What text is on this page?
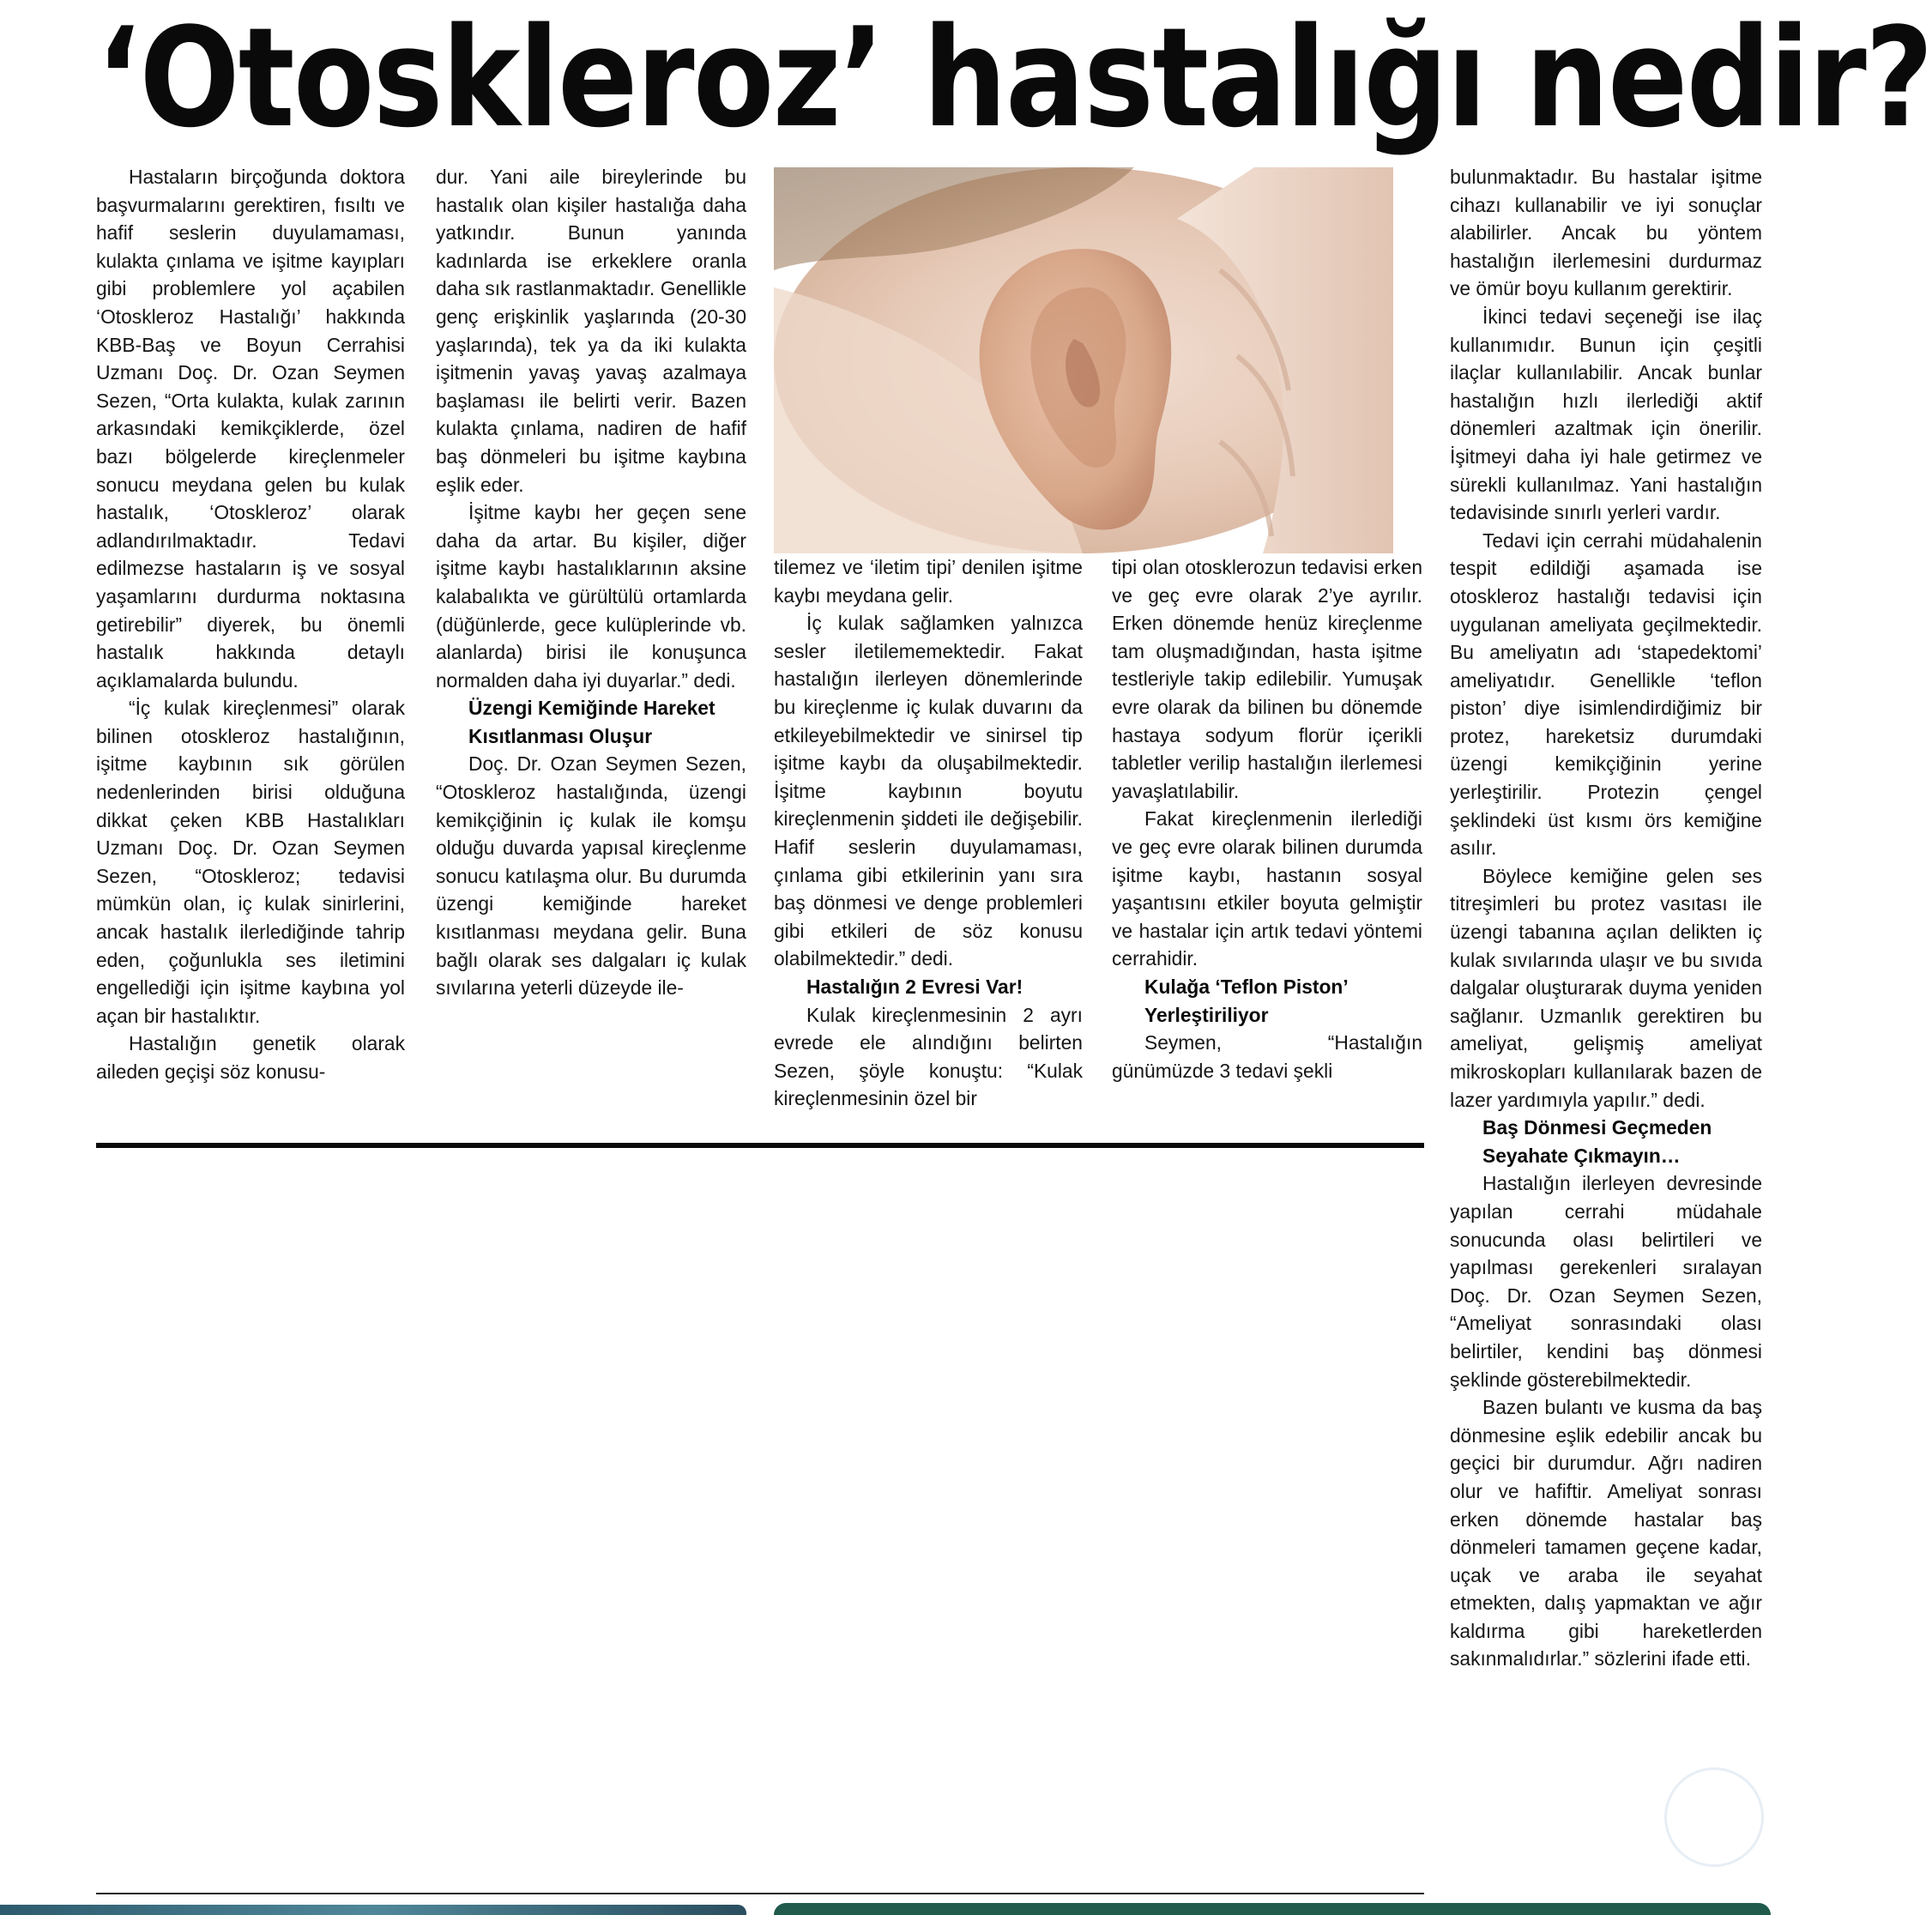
‘Otoskleroz’ hastalığı nedir?

Hastaların birçoğunda doktora başvurmalarını gerektiren, fısıltı ve hafif seslerin duyulamaması, kulakta çınlama ve işitme kayıpları gibi problemlere yol açabilen ‘Otoskleroz Hastalığı’ hakkında KBB-Baş ve Boyun Cerrahisi Uzmanı Doç. Dr. Ozan Seymen Sezen, “Orta kulakta, kulak zarının arkasındaki kemikçiklerde, özel bazı bölgelerde kireçlenmeler sonucu meydana gelen bu kulak hastalık, ‘Otoskleroz’ olarak adlandırılmaktadır. Tedavi edilmezse hastaların iş ve sosyal yaşamlarını durdurma noktasına getirebilir” diyerek, bu önemli hastalık hakkında detaylı açıklamalarda bulundu.

“İç kulak kireçlenmesi” olarak bilinen otoskleroz hastalığının, işitme kaybının sık görülen nedenlerinden birisi olduğuna dikkat çeken KBB Hastalıkları Uzmanı Doç. Dr. Ozan Seymen Sezen, “Otoskleroz; tedavisi mümkün olan, iç kulak sinirlerini, ancak hastalık ilerlediğinde tahrip eden, çoğunlukla ses iletimini engellediği için işitme kaybına yol açan bir hastalıktır.

Hastalığın genetik olarak aileden geçişi söz konusu-

dur. Yani aile bireylerinde bu hastalık olan kişiler hastalığa daha yatkındır. Bunun yanında kadınlarda ise erkeklere oranla daha sık rastlanmaktadır. Genellikle genç erişkinlik yaşlarında (20-30 yaşlarında), tek ya da iki kulakta işitmenin yavaş yavaş azalmaya başlaması ile belirti verir. Bazen kulakta çınlama, nadiren de hafif baş dönmeleri bu işitme kaybına eşlik eder.

İşitme kaybı her geçen sene daha da artar. Bu kişiler, diğer işitme kaybı hastalıklarının aksine kalabalıkta ve gürültülü ortamlarda (düğünlerde, gece kulüplerinde vb. alanlarda) birisi ile konuşunca normalden daha iyi duyarlar.” dedi.

Üzengi Kemiğinde Hareket Kısıtlanması Oluşur

Doç. Dr. Ozan Seymen Sezen, “Otoskleroz hastalığında, üzengi kemikçiğinin iç kulak ile komşu olduğu duvarda yapısal kireçlenme sonucu katılaşma olur. Bu durumda üzengi kemiğinde hareket kısıtlanması meydana gelir. Buna bağlı olarak ses dalgaları iç kulak sıvılarına yeterli düzeyde ile-

tilemez ve ‘iletim tipi’ denilen işitme kaybı meydana gelir.

İç kulak sağlamken yalnızca sesler iletilememektedir. Fakat hastalığın ilerleyen dönemlerinde bu kireçlenme iç kulak duvarını da etkileyebilmektedir ve sinirsel tip işitme kaybı da oluşabilmektedir. İşitme kaybının boyutu kireçlenmenin şiddeti ile değişebilir. Hafif seslerin duyulamaması, çınlama gibi etkilerinin yanı sıra baş dönmesi ve denge problemleri gibi etkileri de söz konusu olabilmektedir.” dedi.

Hastalığın 2 Evresi Var!

Kulak kireçlenmesinin 2 ayrı evrede ele alındığını belirten Sezen, şöyle konuştu: “Kulak kireçlenmesinin özel bir

tipi olan otosklerozun tedavisi erken ve geç evre olarak 2’ye ayrılır. Erken dönemde henüz kireçlenme tam oluşmadığından, hasta işitme testleriyle takip edilebilir. Yumuşak evre olarak da bilinen bu dönemde hastaya sodyum florür içerikli tabletler verilip hastalığın ilerlemesi yavaşlatılabilir.

Fakat kireçlenmenin ilerlediği ve geç evre olarak bilinen durumda işitme kaybı, hastanın sosyal yaşantısını etkiler boyuta gelmiştir ve hastalar için artık tedavi yöntemi cerrahidir.

Kulağa ‘Teflon Piston’ Yerleştiriliyor

Seymen, “Hastalığın günümüzde 3 tedavi şekli

bulunmaktadır. Bu hastalar işitme cihazı kullanabilir ve iyi sonuçlar alabilirler. Ancak bu yöntem hastalığın ilerlemesini durdurmaz ve ömür boyu kullanım gerektirir.

İkinci tedavi seçeneği ise ilaç kullanımıdır. Bunun için çeşitli ilaçlar kullanılabilir. Ancak bunlar hastalığın hızlı ilerlediği aktif dönemleri azaltmak için önerilir. İşitmeyi daha iyi hale getirmez ve sürekli kullanılmaz. Yani hastalığın tedavisinde sınırlı yerleri vardır.

Tedavi için cerrahi müdahalenin tespit edildiği aşamada ise otoskleroz hastalığı tedavisi için uygulanan ameliyata geçilmektedir. Bu ameliyatın adı ‘stapedektomi’ ameliyatıdır. Genellikle ‘teflon piston’ diye isimlendirdiğimiz bir protez, hareketsiz durumdaki üzengi kemikçiğinin yerine yerleştirilir. Protezin çengel şeklindeki üst kısmı örs kemiğine asılır.

Böylece kemiğine gelen ses titreşimleri bu protez vasıtası ile üzengi tabanına açılan delikten iç kulak sıvılarında ulaşır ve bu sıvıda dalgalar oluşturarak duyma yeniden sağlanır. Uzmanlık gerektiren bu ameliyat, gelişmiş ameliyat mikroskopları kullanılarak bazen de lazer yardımıyla yapılır.” dedi.

Baş Dönmesi Geçmeden Seyahate Çıkmayın…

Hastalığın ilerleyen devresinde yapılan cerrahi müdahale sonucunda olası belirtileri ve yapılması gerekenleri sıralayan Doç. Dr. Ozan Seymen Sezen, “Ameliyat sonrasındaki olası belirtiler, kendini baş dönmesi şeklinde gösterebilmektedir.

Bazen bulantı ve kusma da baş dönmesine eşlik edebilir ancak bu geçici bir durumdur. Ağrı nadiren olur ve hafiftir. Ameliyat sonrası erken dönemde hastalar baş dönmeleri tamamen geçene kadar, uçak ve araba ile seyahat etmekten, dalış yapmaktan ve ağır kaldırma gibi hareketlerden sakınmalıdırlar.” sözlerini ifade etti.
